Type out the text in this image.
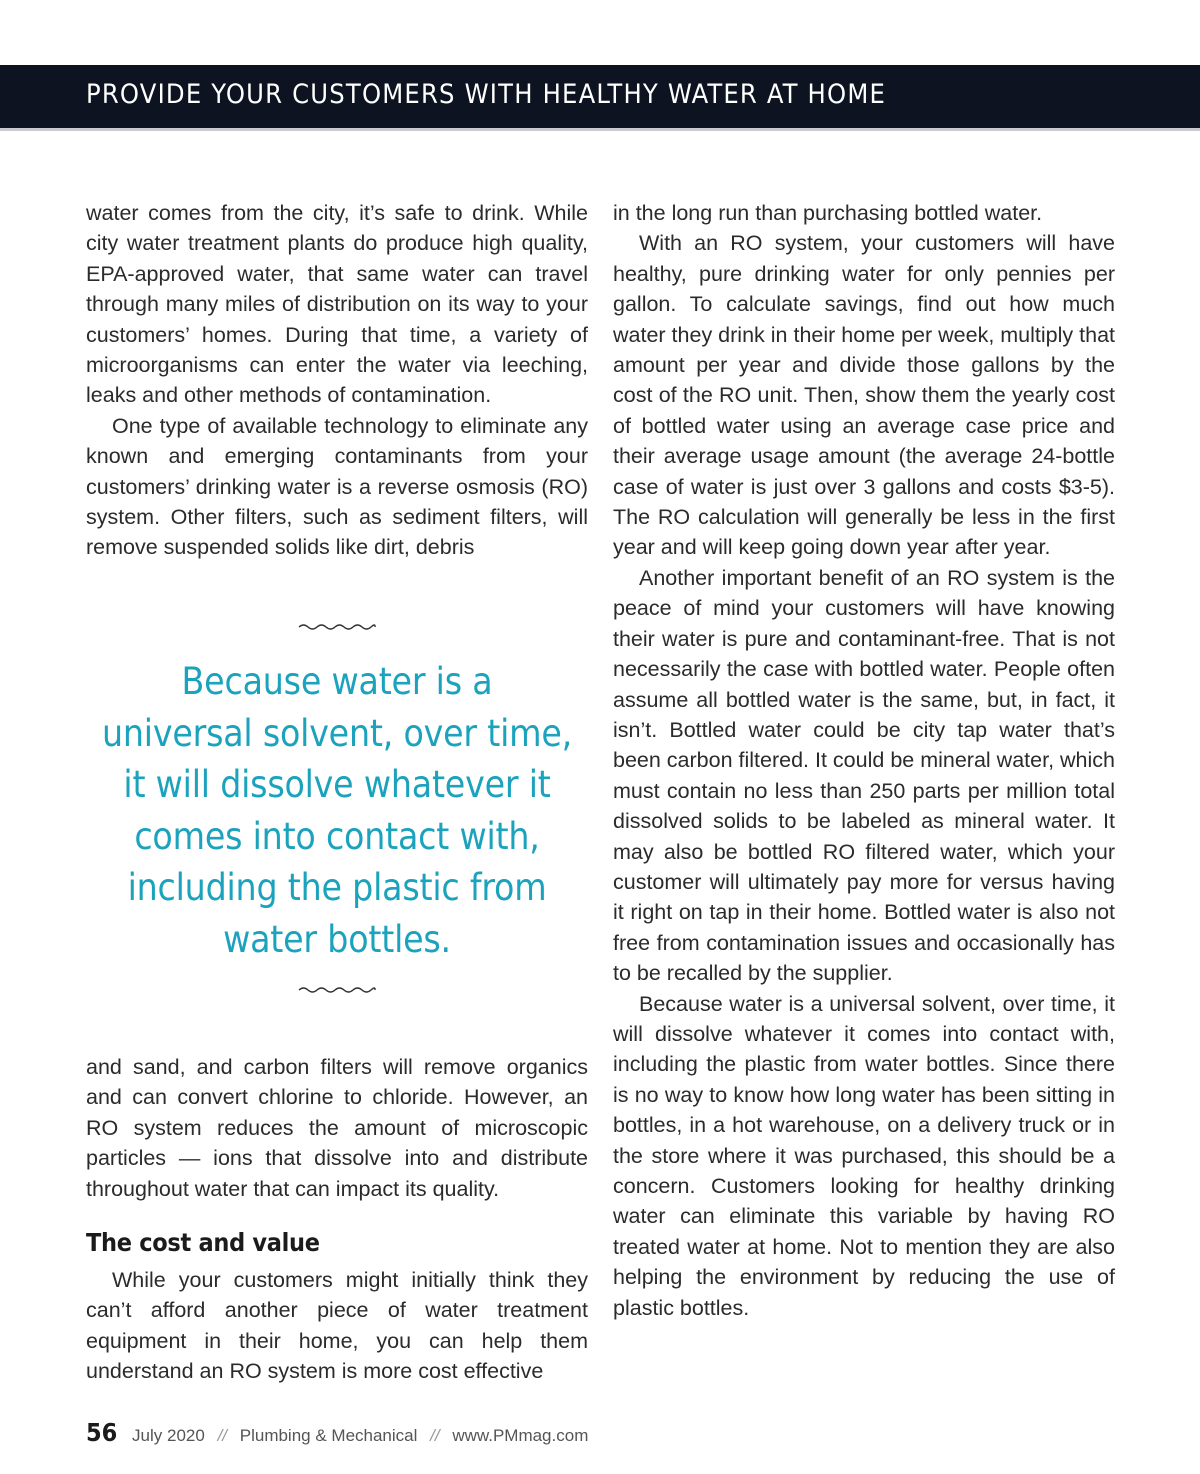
PROVIDE YOUR CUSTOMERS WITH HEALTHY WATER AT HOME

water comes from the city, it’s safe to drink. While city water treatment plants do produce high quality, EPA-approved water, that same water can travel through many miles of distribution on its way to your customers’ homes. During that time, a variety of microorganisms can enter the water via leeching, leaks and other methods of contamination.

One type of available technology to eliminate any known and emerging contaminants from your customers’ drinking water is a reverse osmosis (RO) system. Other filters, such as sediment filters, will remove suspended solids like dirt, debris

Because water is a
universal solvent, over time,
it will dissolve whatever it
comes into contact with,
including the plastic from
water bottles.

and sand, and carbon filters will remove organics and can convert chlorine to chloride. However, an RO system reduces the amount of microscopic particles — ions that dissolve into and distribute throughout water that can impact its quality.

The cost and value

While your customers might initially think they can’t afford another piece of water treatment equipment in their home, you can help them understand an RO system is more cost effective

in the long run than purchasing bottled water.

With an RO system, your customers will have healthy, pure drinking water for only pennies per gallon. To calculate savings, find out how much water they drink in their home per week, multiply that amount per year and divide those gallons by the cost of the RO unit. Then, show them the yearly cost of bottled water using an average case price and their average usage amount (the average 24-bottle case of water is just over 3 gallons and costs $3-5). The RO calculation will generally be less in the first year and will keep going down year after year.

Another important benefit of an RO system is the peace of mind your customers will have knowing their water is pure and contaminant-free. That is not necessarily the case with bottled water. People often assume all bottled water is the same, but, in fact, it isn’t. Bottled water could be city tap water that’s been carbon filtered. It could be mineral water, which must contain no less than 250 parts per million total dissolved solids to be labeled as mineral water. It may also be bottled RO filtered water, which your customer will ultimately pay more for versus having it right on tap in their home. Bottled water is also not free from contamination issues and occasionally has to be recalled by the supplier.

Because water is a universal solvent, over time, it will dissolve whatever it comes into contact with, including the plastic from water bottles. Since there is no way to know how long water has been sitting in bottles, in a hot warehouse, on a delivery truck or in the store where it was purchased, this should be a concern. Customers looking for healthy drinking water can eliminate this variable by having RO treated water at home. Not to mention they are also helping the environment by reducing the use of plastic bottles.

56 July 2020 // Plumbing & Mechanical // www.PMmag.com
